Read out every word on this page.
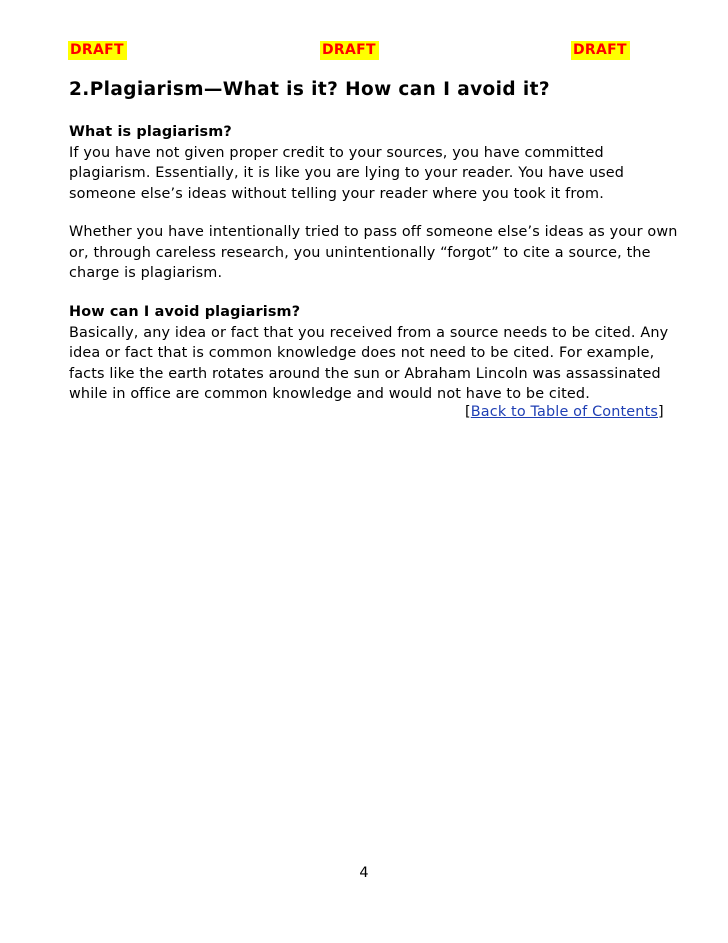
DRAFT	DRAFT	DRAFT
2.Plagiarism—What is it? How can I avoid it?

What is plagiarism?
If you have not given proper credit to your sources, you have committed
plagiarism. Essentially, it is like you are lying to your reader. You have used
someone else’s ideas without telling your reader where you took it from.

Whether you have intentionally tried to pass off someone else’s ideas as your own
or, through careless research, you unintentionally “forgot” to cite a source, the
charge is plagiarism.

How can I avoid plagiarism?
Basically, any idea or fact that you received from a source needs to be cited. Any
idea or fact that is common knowledge does not need to be cited. For example,
facts like the earth rotates around the sun or Abraham Lincoln was assassinated
while in office are common knowledge and would not have to be cited.

[Back to Table of Contents]
4
